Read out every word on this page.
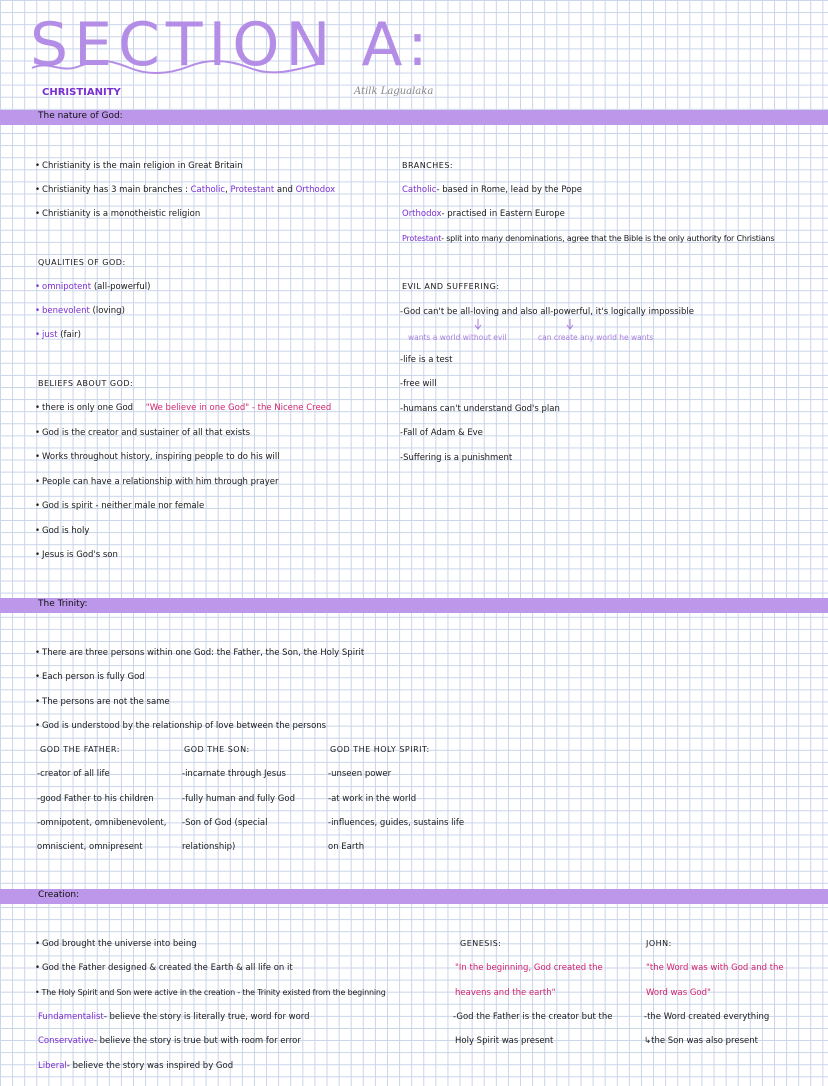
SECTION A:
CHRISTIANITY	Atilk Lagualaka
The nature of God:
• Christianity is the main religion in Great Britain
• Christianity has 3 main branches : Catholic, Protestant and Orthodox
• Christianity is a monotheistic religion
QUALITIES OF GOD:
• omnipotent (all-powerful)
• benevolent (loving)
• just (fair)
BELIEFS ABOUT GOD:
• there is only one God "We believe in one God" - the Nicene Creed
• God is the creator and sustainer of all that exists
• Works throughout history, inspiring people to do his will
• People can have a relationship with him through prayer
• God is spirit - neither male nor female
• God is holy
• Jesus is God's son
BRANCHES:
Catholic- based in Rome, lead by the Pope
Orthodox- practised in Eastern Europe
Protestant- split into many denominations, agree that the Bible is the only authority for Christians
EVIL AND SUFFERING:
-God can't be all-loving and also all-powerful, it's logically impossible
wants a world without evil	can create any world he wants
-life is a test
-free will
-humans can't understand God's plan
-Fall of Adam & Eve
-Suffering is a punishment
The Trinity:
• There are three persons within one God: the Father, the Son, the Holy Spirit
• Each person is fully God
• The persons are not the same
• God is understood by the relationship of love between the persons
GOD THE FATHER:
-creator of all life
-good Father to his children
-omnipotent, omnibenevolent,
omniscient, omnipresent
GOD THE SON:
-incarnate through Jesus
-fully human and fully God
-Son of God (special
relationship)
GOD THE HOLY SPIRIT:
-unseen power
-at work in the world
-influences, guides, sustains life
on Earth
Creation:
• God brought the universe into being
• God the Father designed & created the Earth & all life on it
• The Holy Spirit and Son were active in the creation - the Trinity existed from the beginning
Fundamentalist- believe the story is literally true, word for word
Conservative- believe the story is true but with room for error
Liberal- believe the story was inspired by God
GENESIS:
"In the beginning, God created the
heavens and the earth"
-God the Father is the creator but the
Holy Spirit was present
JOHN:
"the Word was with God and the
Word was God"
-the Word created everything
↳the Son was also present
